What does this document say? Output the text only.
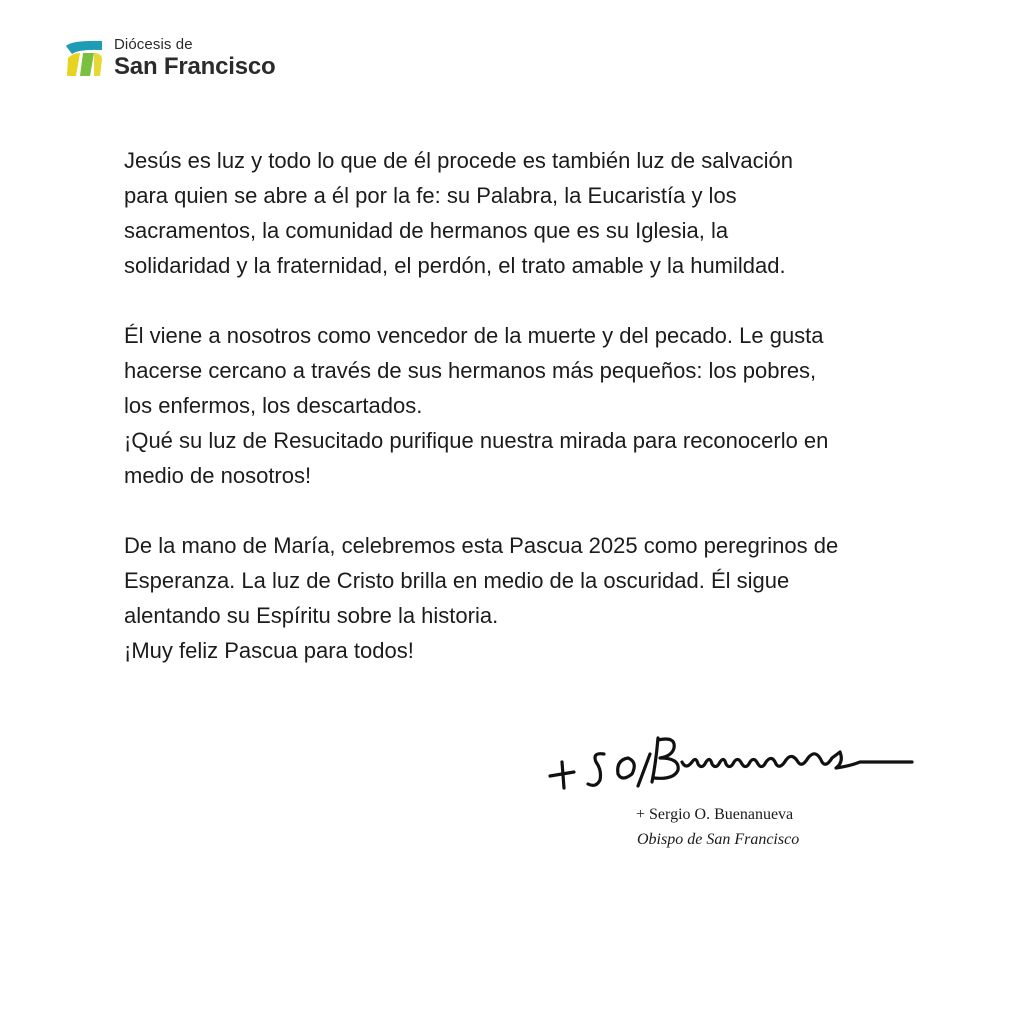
Diócesis de
San Francisco

Jesús es luz y todo lo que de él procede es también luz de salvación
para quien se abre a él por la fe: su Palabra, la Eucaristía y los
sacramentos, la comunidad de hermanos que es su Iglesia, la
solidaridad y la fraternidad, el perdón, el trato amable y la humildad.

Él viene a nosotros como vencedor de la muerte y del pecado. Le gusta
hacerse cercano a través de sus hermanos más pequeños: los pobres,
los enfermos, los descartados.
¡Qué su luz de Resucitado purifique nuestra mirada para reconocerlo en
medio de nosotros!

De la mano de María, celebremos esta Pascua 2025 como peregrinos de
Esperanza. La luz de Cristo brilla en medio de la oscuridad. Él sigue
alentando su Espíritu sobre la historia.
¡Muy feliz Pascua para todos!

+ Sergio O. Buenanueva
Obispo de San Francisco
